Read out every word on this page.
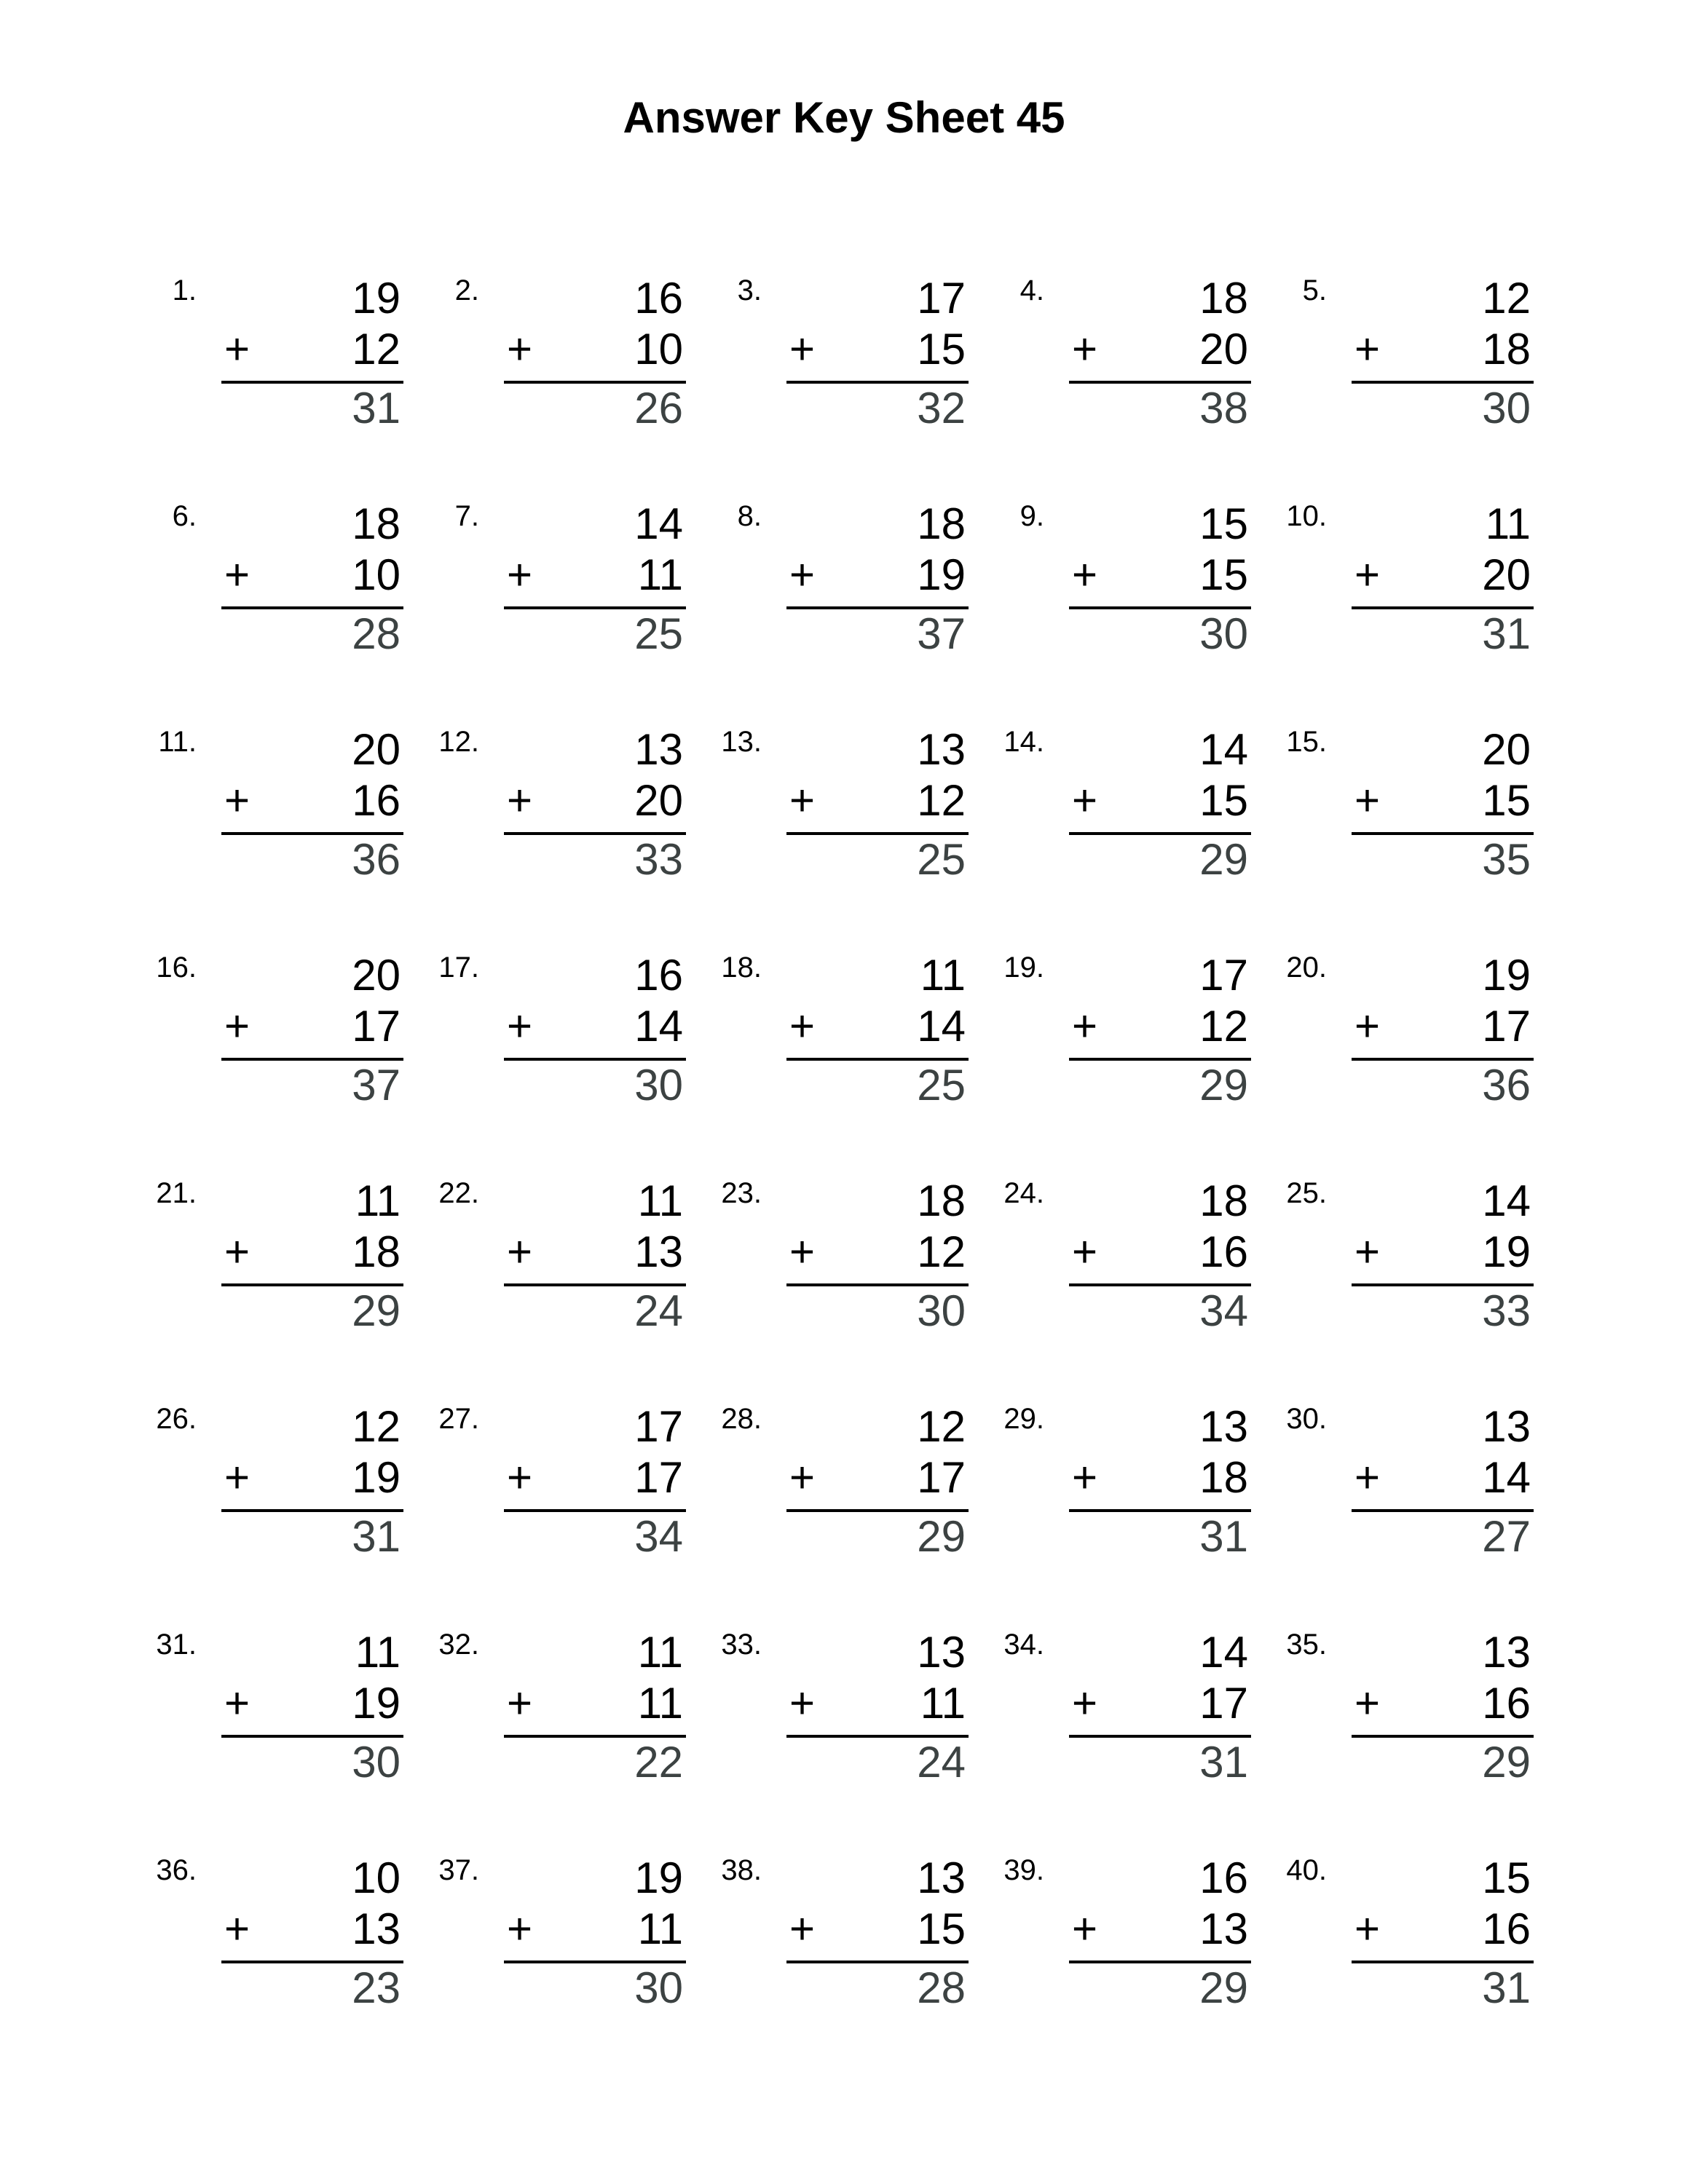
Answer Key Sheet 45
1.	19
+	12
31
2.	16
+	10
26
3.	17
+	15
32
4.	18
+	20
38
5.	12
+	18
30
6.	18
+	10
28
7.	14
+	11
25
8.	18
+	19
37
9.	15
+	15
30
10.	11
+	20
31
11.	20
+	16
36
12.	13
+	20
33
13.	13
+	12
25
14.	14
+	15
29
15.	20
+	15
35
16.	20
+	17
37
17.	16
+	14
30
18.	11
+	14
25
19.	17
+	12
29
20.	19
+	17
36
21.	11
+	18
29
22.	11
+	13
24
23.	18
+	12
30
24.	18
+	16
34
25.	14
+	19
33
26.	12
+	19
31
27.	17
+	17
34
28.	12
+	17
29
29.	13
+	18
31
30.	13
+	14
27
31.	11
+	19
30
32.	11
+	11
22
33.	13
+	11
24
34.	14
+	17
31
35.	13
+	16
29
36.	10
+	13
23
37.	19
+	11
30
38.	13
+	15
28
39.	16
+	13
29
40.	15
+	16
31
